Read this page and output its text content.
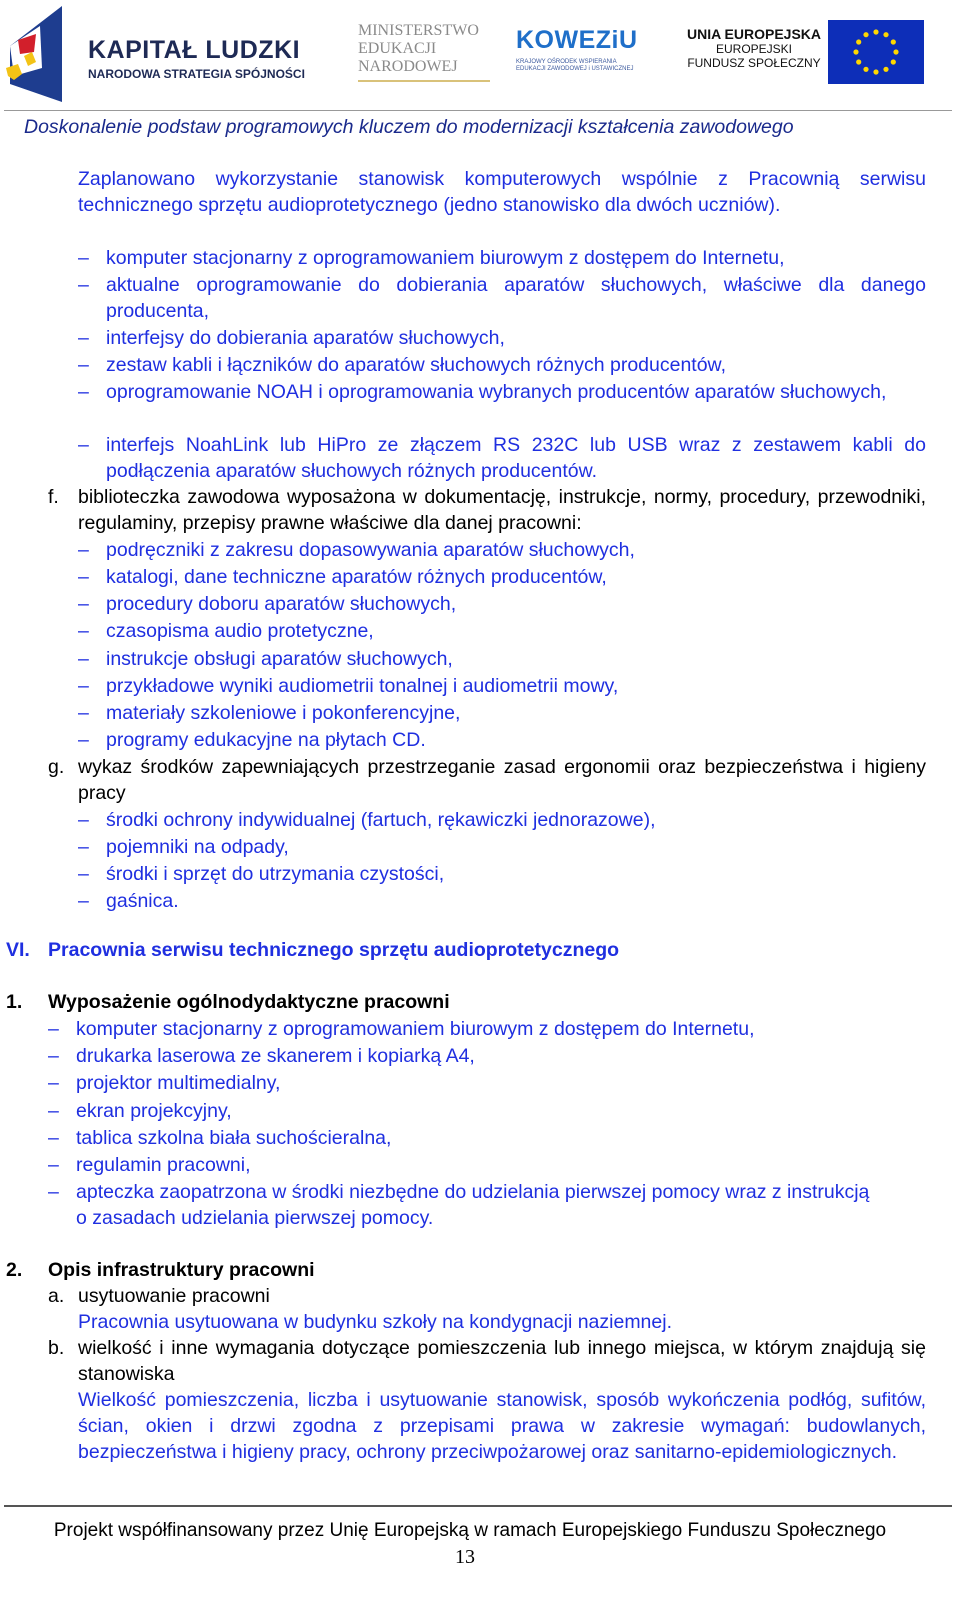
KAPITAŁ LUDZKI
NARODOWA STRATEGIA SPÓJNOŚCI
MINISTERSTWO
EDUKACJI
NARODOWEJ
KOWEZiU
KRAJOWY OŚRODEK WSPIERANIA EDUKACJI ZAWODOWEJ i USTAWICZNEJ
UNIA EUROPEJSKA
EUROPEJSKI
FUNDUSZ SPOŁECZNY
Doskonalenie podstaw programowych kluczem do modernizacji kształcenia zawodowego

Zaplanowano wykorzystanie stanowisk komputerowych wspólnie z Pracownią serwisu technicznego sprzętu audioprotetycznego (jedno stanowisko dla dwóch uczniów).

– komputer stacjonarny z oprogramowaniem biurowym z dostępem do Internetu,

– aktualne oprogramowanie do dobierania aparatów słuchowych, właściwe dla danego producenta,

– interfejsy do dobierania aparatów słuchowych,

– zestaw kabli i łączników do aparatów słuchowych różnych producentów,

– oprogramowanie NOAH i oprogramowania wybranych producentów aparatów słuchowych,

– interfejs NoahLink lub HiPro ze złączem RS 232C lub USB wraz z zestawem kabli do podłączenia aparatów słuchowych różnych producentów.

f. biblioteczka zawodowa wyposażona w dokumentację, instrukcje, normy, procedury, przewodniki, regulaminy, przepisy prawne właściwe dla danej pracowni:

– podręczniki z zakresu dopasowywania aparatów słuchowych,

– katalogi, dane techniczne aparatów różnych producentów,

– procedury doboru aparatów słuchowych,

– czasopisma audio protetyczne,

– instrukcje obsługi aparatów słuchowych,

– przykładowe wyniki audiometrii tonalnej i audiometrii mowy,

– materiały szkoleniowe i pokonferencyjne,

– programy edukacyjne na płytach CD.

g. wykaz środków zapewniających przestrzeganie zasad ergonomii oraz bezpieczeństwa i higieny pracy

– środki ochrony indywidualnej (fartuch, rękawiczki jednorazowe),

– pojemniki na odpady,

– środki i sprzęt do utrzymania czystości,

– gaśnica.

VI. Pracownia serwisu technicznego sprzętu audioprotetycznego

1. Wyposażenie ogólnodydaktyczne pracowni

– komputer stacjonarny z oprogramowaniem biurowym z dostępem do Internetu,

– drukarka laserowa ze skanerem i kopiarką A4,

– projektor multimedialny,

– ekran projekcyjny,

– tablica szkolna biała suchościeralna,

– regulamin pracowni,

– apteczka zaopatrzona w środki niezbędne do udzielania pierwszej pomocy wraz z instrukcją o zasadach udzielania pierwszej pomocy.

2. Opis infrastruktury pracowni

a. usytuowanie pracowni

Pracownia usytuowana w budynku szkoły na kondygnacji naziemnej.

b. wielkość i inne wymagania dotyczące pomieszczenia lub innego miejsca, w którym znajdują się stanowiska

Wielkość pomieszczenia, liczba i usytuowanie stanowisk, sposób wykończenia podłóg, sufitów, ścian, okien i drzwi zgodna z przepisami prawa w zakresie wymagań: budowlanych, bezpieczeństwa i higieny pracy, ochrony przeciwpożarowej oraz sanitarno-epidemiologicznych.

Projekt współfinansowany przez Unię Europejską w ramach Europejskiego Funduszu Społecznego
13
